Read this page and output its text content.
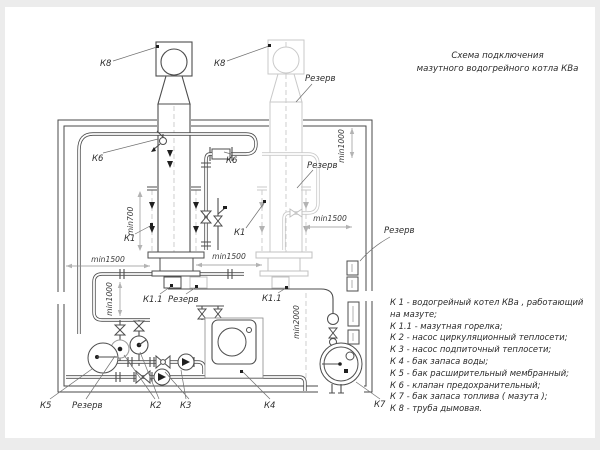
min700
min1500	min1500
min1500
min1000
min1000
min2000
К8	К8
Резерв
К6	К6	Резерв
К1
К1	Резерв
К1.1 Резерв	К1.1
К5 Резерв	К2 К3	К4	К7
Схема подключения
мазутного водогрейного котла КВа
К 1 - водогрейный котел КВа , работающий
на мазуте;
К 1.1 - мазутная горелка;
К 2 - насос циркуляционный теплосети;
К 3 - насос подпиточный теплосети;
К 4 - бак запаса воды;
К 5 - бак расширительный мембранный;
К 6 - клапан предохранительный;
К 7 - бак запаса топлива ( мазута );
К 8 - труба дымовая.
